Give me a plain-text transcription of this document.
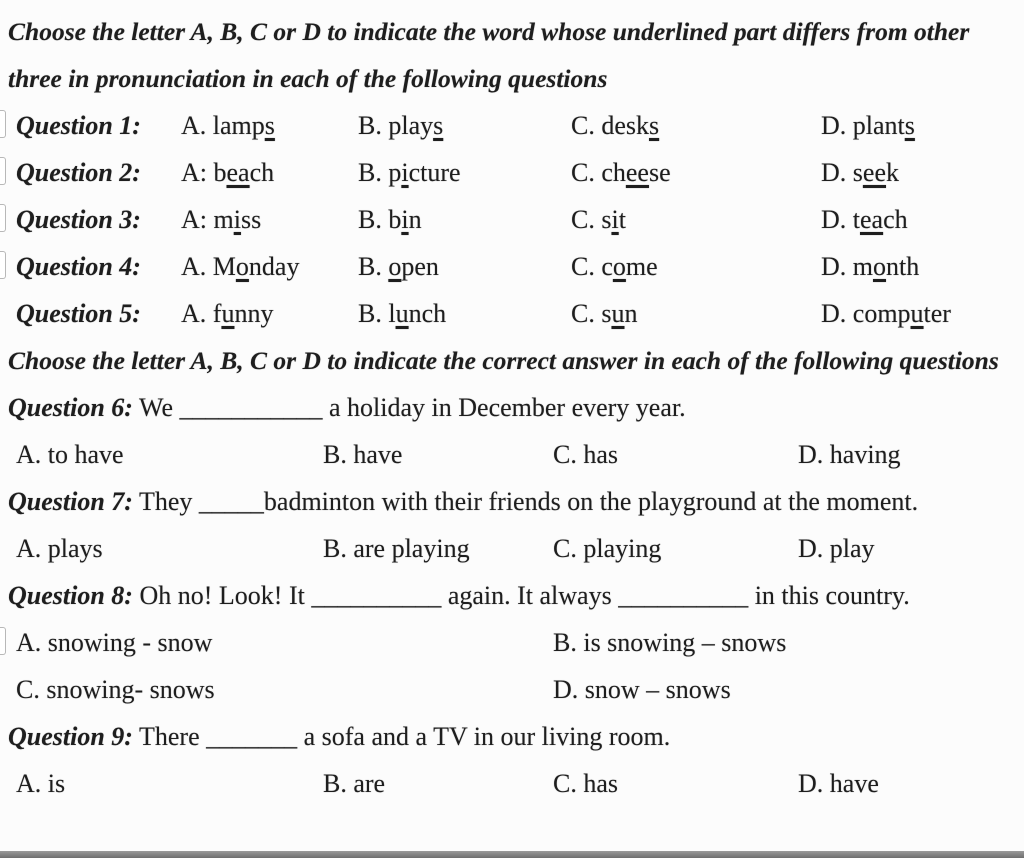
Choose the letter A, B, C or D to indicate the word whose underlined part differs from other three in pronunciation in each of the following questions
Question 1: A. lamps	B. plays	C. desks	D. plants
Question 2: A: beach	B. picture	C. cheese	D. seek
Question 3: A: miss	B. bin	C. sit	D. teach
Question 4: A. Monday B. open	C. come	D. month
Question 5: A. funny	B. lunch	C. sun	D. computer
Choose the letter A, B, C or D to indicate the correct answer in each of the following questions
Question 6: We ___________ a holiday in December every year.
A. to have	B. have	C. has	D. having
Question 7: They _____badminton with their friends on the playground at the moment.
A. plays	B. are playing	C. playing	D. play
Question 8: Oh no! Look! It __________ again. It always __________ in this country.
A. snowing - snow	B. is snowing – snows
C. snowing- snows	D. snow – snows
Question 9: There _______ a sofa and a TV in our living room.
A. is	B. are	C. has	D. have
